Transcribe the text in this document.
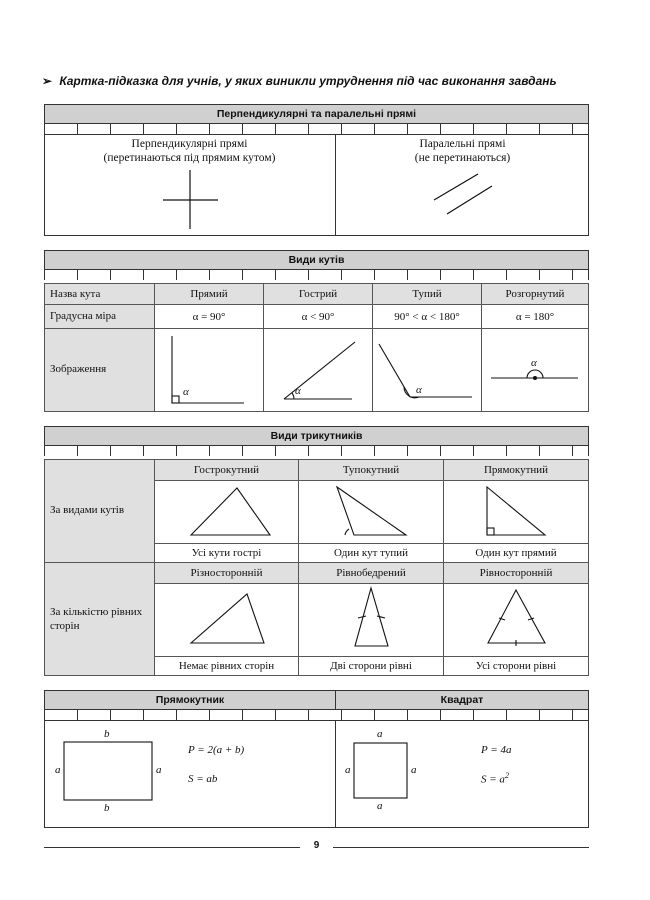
➢ Картка-підказка для учнів, у яких виникли утруднення під час виконання завдань
Перпендикулярні та паралельні прямі
Перпендикулярні прямі
(перетинаються під прямим кутом)
Паралельні прямі
(не перетинаються)
Види кутів
Назва кута	Прямий	Гострий	Тупий	Розгорнутий
Градусна міра	α = 90°	α < 90°	90° < α < 180°	α = 180°
Зображення
α	α	α
α
Види трикутників
За видами кутів
Гострокутний	Тупокутний	Прямокутний
Усі кути гострі	Один кут тупий	Один кут прямий
За кількістю рівних сторін
Різносторонній	Рівнобедрений	Рівносторонній
Немає рівних сторін	Дві сторони рівні	Усі сторони рівні
Прямокутник	Квадрат
b
b
a	a
P = 2(a + b)
S = ab
a
a
a	a
P = 4a
$S = a^2$
9
